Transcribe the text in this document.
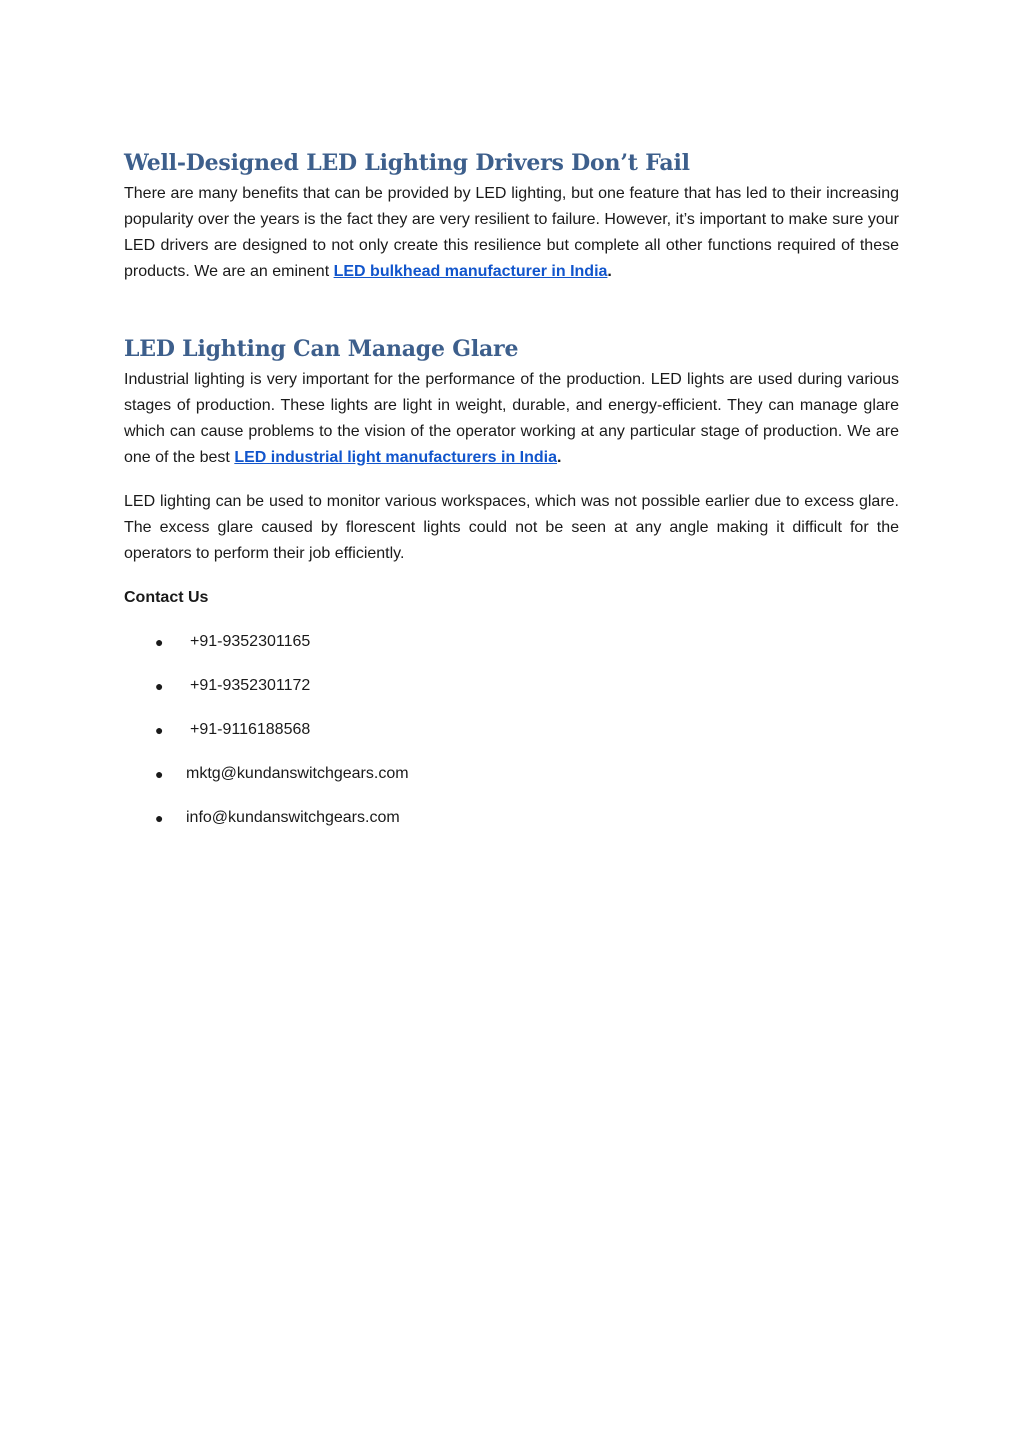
Well-Designed LED Lighting Drivers Don’t Fail

There are many benefits that can be provided by LED lighting, but one feature that has led to their increasing popularity over the years is the fact they are very resilient to failure. However, it’s important to make sure your LED drivers are designed to not only create this resilience but complete all other functions required of these products. We are an eminent LED bulkhead manufacturer in India.

LED Lighting Can Manage Glare

Industrial lighting is very important for the performance of the production. LED lights are used during various stages of production. These lights are light in weight, durable, and energy-efficient. They can manage glare which can cause problems to the vision of the operator working at any particular stage of production. We are one of the best LED industrial light manufacturers in India.

LED lighting can be used to monitor various workspaces, which was not possible earlier due to excess glare. The excess glare caused by florescent lights could not be seen at any angle making it difficult for the operators to perform their job efficiently.

Contact Us
● +91-9352301165
● +91-9352301172
● +91-9116188568
● mktg@kundanswitchgears.com
● info@kundanswitchgears.com
